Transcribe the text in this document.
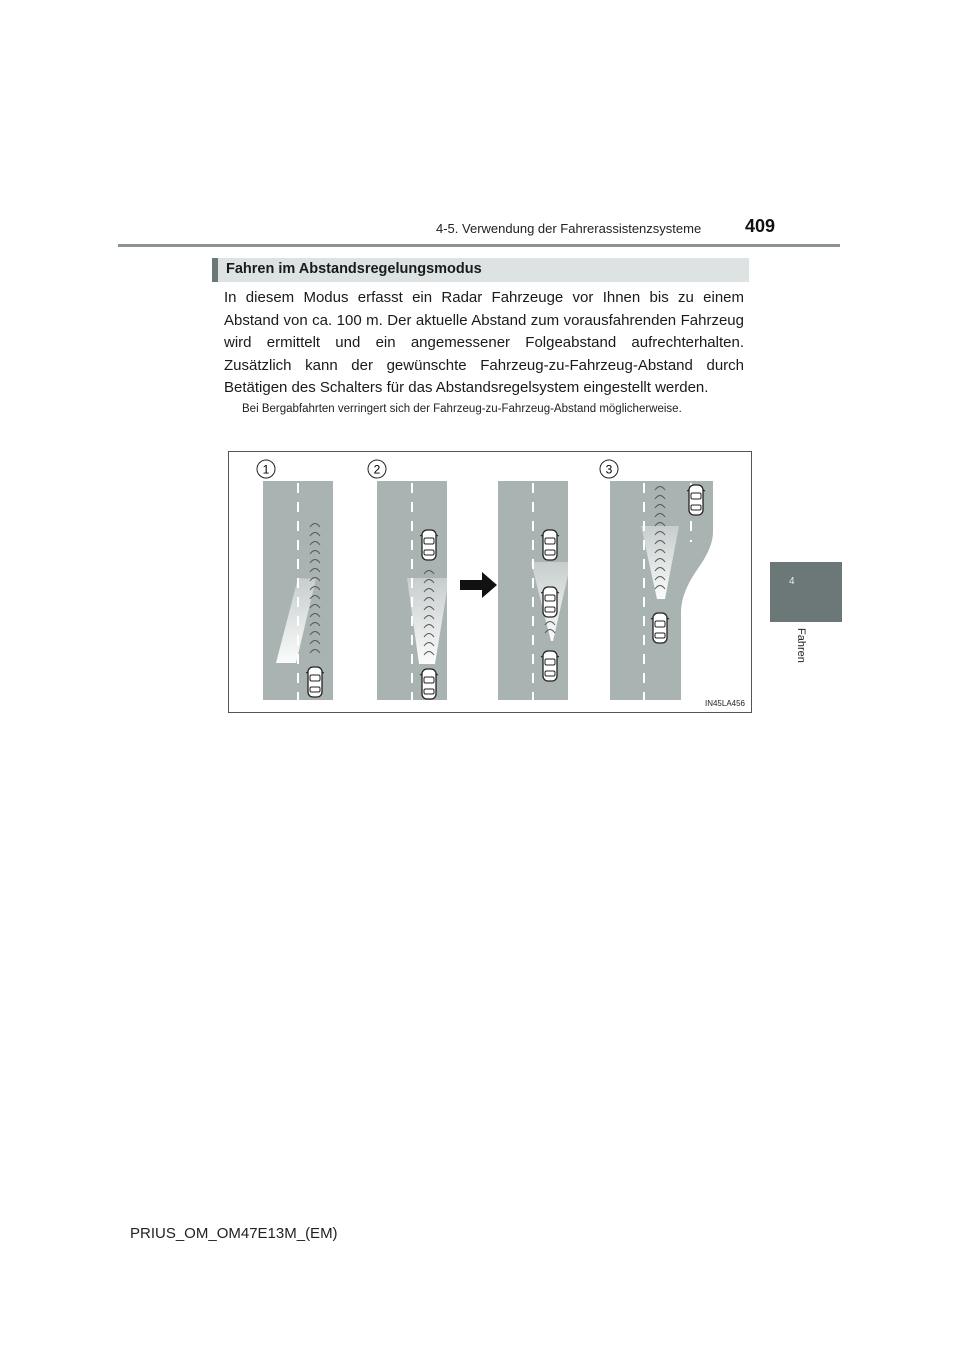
4-5. Verwendung der Fahrerassistenzsysteme 409
4
Fahren
Fahren im Abstandsregelungsmodus
In diesem Modus erfasst ein Radar Fahrzeuge vor Ihnen bis zu einem Abstand von ca. 100 m. Der aktuelle Abstand zum vorausfahrenden Fahrzeug wird ermittelt und ein angemessener Folgeabstand aufrechterhalten. Zusätzlich kann der gewünschte Fahrzeug-zu-Fahrzeug-Abstand durch Betätigen des Schalters für das Abstandsregelsystem eingestellt werden.
Bei Bergabfahrten verringert sich der Fahrzeug-zu-Fahrzeug-Abstand möglicherweise.
1	2	3
IN45LA456
PRIUS_OM_OM47E13M_(EM)
